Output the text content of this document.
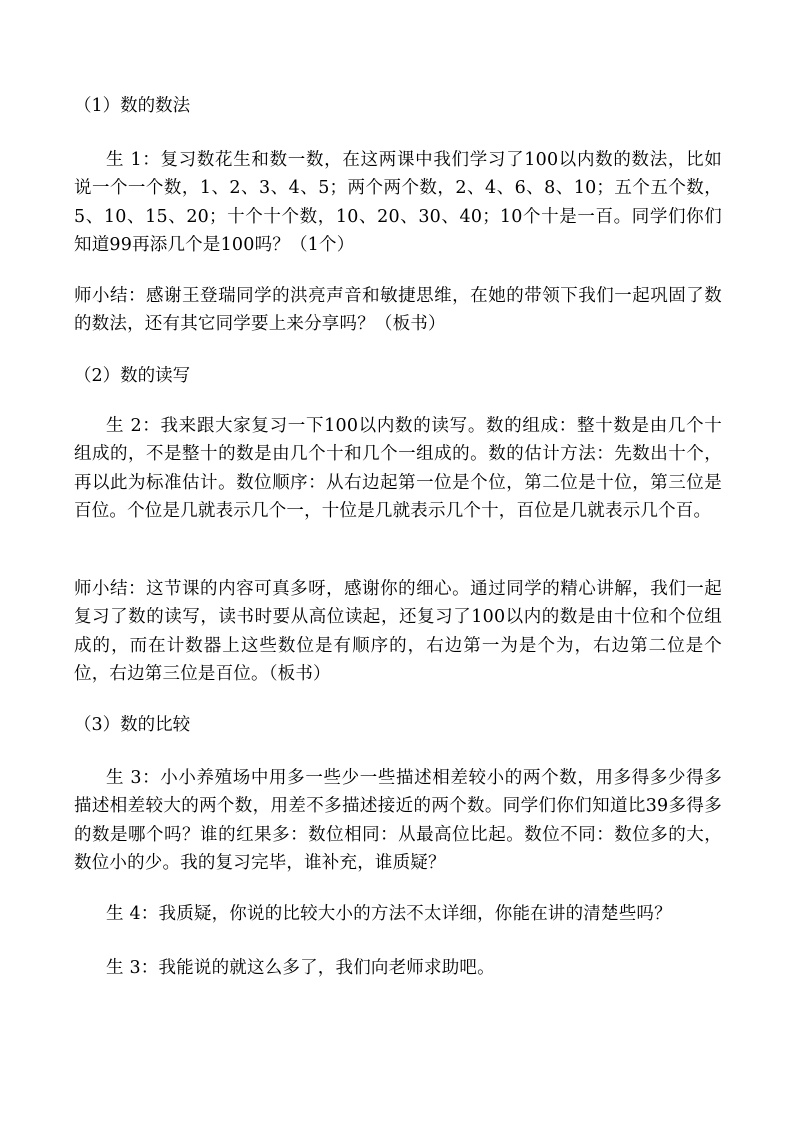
（1）数的数法
生 1：复习数花生和数一数，在这两课中我们学习了100以内数的数法，比如说一个一个数，1、2、3、4、5；两个两个数，2、4、6、8、10；五个五个数，5、10、15、20；十个十个数，10、20、30、40；10个十是一百。同学们你们知道99再添几个是100吗？（1个）
师小结：感谢王登瑞同学的洪亮声音和敏捷思维，在她的带领下我们一起巩固了数的数法，还有其它同学要上来分享吗？（板书）
（2）数的读写
生 2：我来跟大家复习一下100以内数的读写。数的组成：整十数是由几个十组成的，不是整十的数是由几个十和几个一组成的。数的估计方法：先数出十个，再以此为标准估计。数位顺序：从右边起第一位是个位，第二位是十位，第三位是百位。个位是几就表示几个一，十位是几就表示几个十，百位是几就表示几个百。
师小结：这节课的内容可真多呀，感谢你的细心。通过同学的精心讲解，我们一起复习了数的读写，读书时要从高位读起，还复习了100以内的数是由十位和个位组成的，而在计数器上这些数位是有顺序的，右边第一为是个为，右边第二位是个位，右边第三位是百位。（板书）
（3）数的比较
生 3：小小养殖场中用多一些少一些描述相差较小的两个数，用多得多少得多描述相差较大的两个数，用差不多描述接近的两个数。同学们你们知道比39多得多的数是哪个吗？谁的红果多：数位相同：从最高位比起。数位不同：数位多的大，数位小的少。我的复习完毕，谁补充，谁质疑？
生 4：我质疑，你说的比较大小的方法不太详细，你能在讲的清楚些吗？
生 3：我能说的就这么多了，我们向老师求助吧。
